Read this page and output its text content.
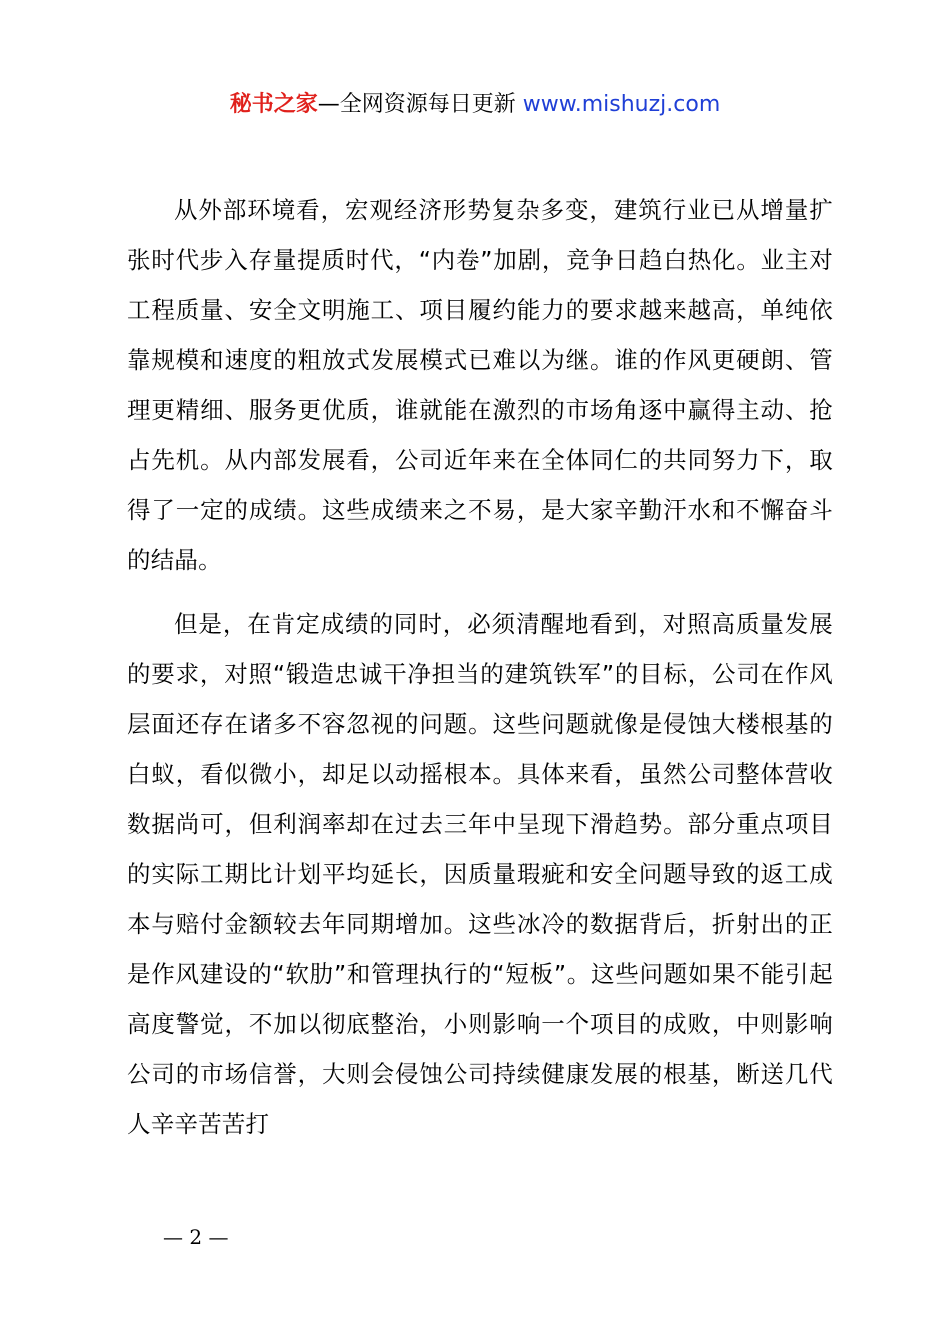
秘书之家—全网资源每日更新 www.mishuzj.com

从外部环境看，宏观经济形势复杂多变，建筑行业已从增量扩张时代步入存量提质时代，“内卷”加剧，竞争日趋白热化。业主对工程质量、安全文明施工、项目履约能力的要求越来越高，单纯依靠规模和速度的粗放式发展模式已难以为继。谁的作风更硬朗、管理更精细、服务更优质，谁就能在激烈的市场角逐中赢得主动、抢占先机。从内部发展看，公司近年来在全体同仁的共同努力下，取得了一定的成绩。这些成绩来之不易，是大家辛勤汗水和不懈奋斗的结晶。

但是，在肯定成绩的同时，必须清醒地看到，对照高质量发展的要求，对照“锻造忠诚干净担当的建筑铁军”的目标，公司在作风层面还存在诸多不容忽视的问题。这些问题就像是侵蚀大楼根基的白蚁，看似微小，却足以动摇根本。具体来看，虽然公司整体营收数据尚可，但利润率却在过去三年中呈现下滑趋势。部分重点项目的实际工期比计划平均延长，因质量瑕疵和安全问题导致的返工成本与赔付金额较去年同期增加。这些冰冷的数据背后，折射出的正是作风建设的“软肋”和管理执行的“短板”。这些问题如果不能引起高度警觉，不加以彻底整治，小则影响一个项目的成败，中则影响公司的市场信誉，大则会侵蚀公司持续健康发展的根基，断送几代人辛辛苦苦打

— 2 —
